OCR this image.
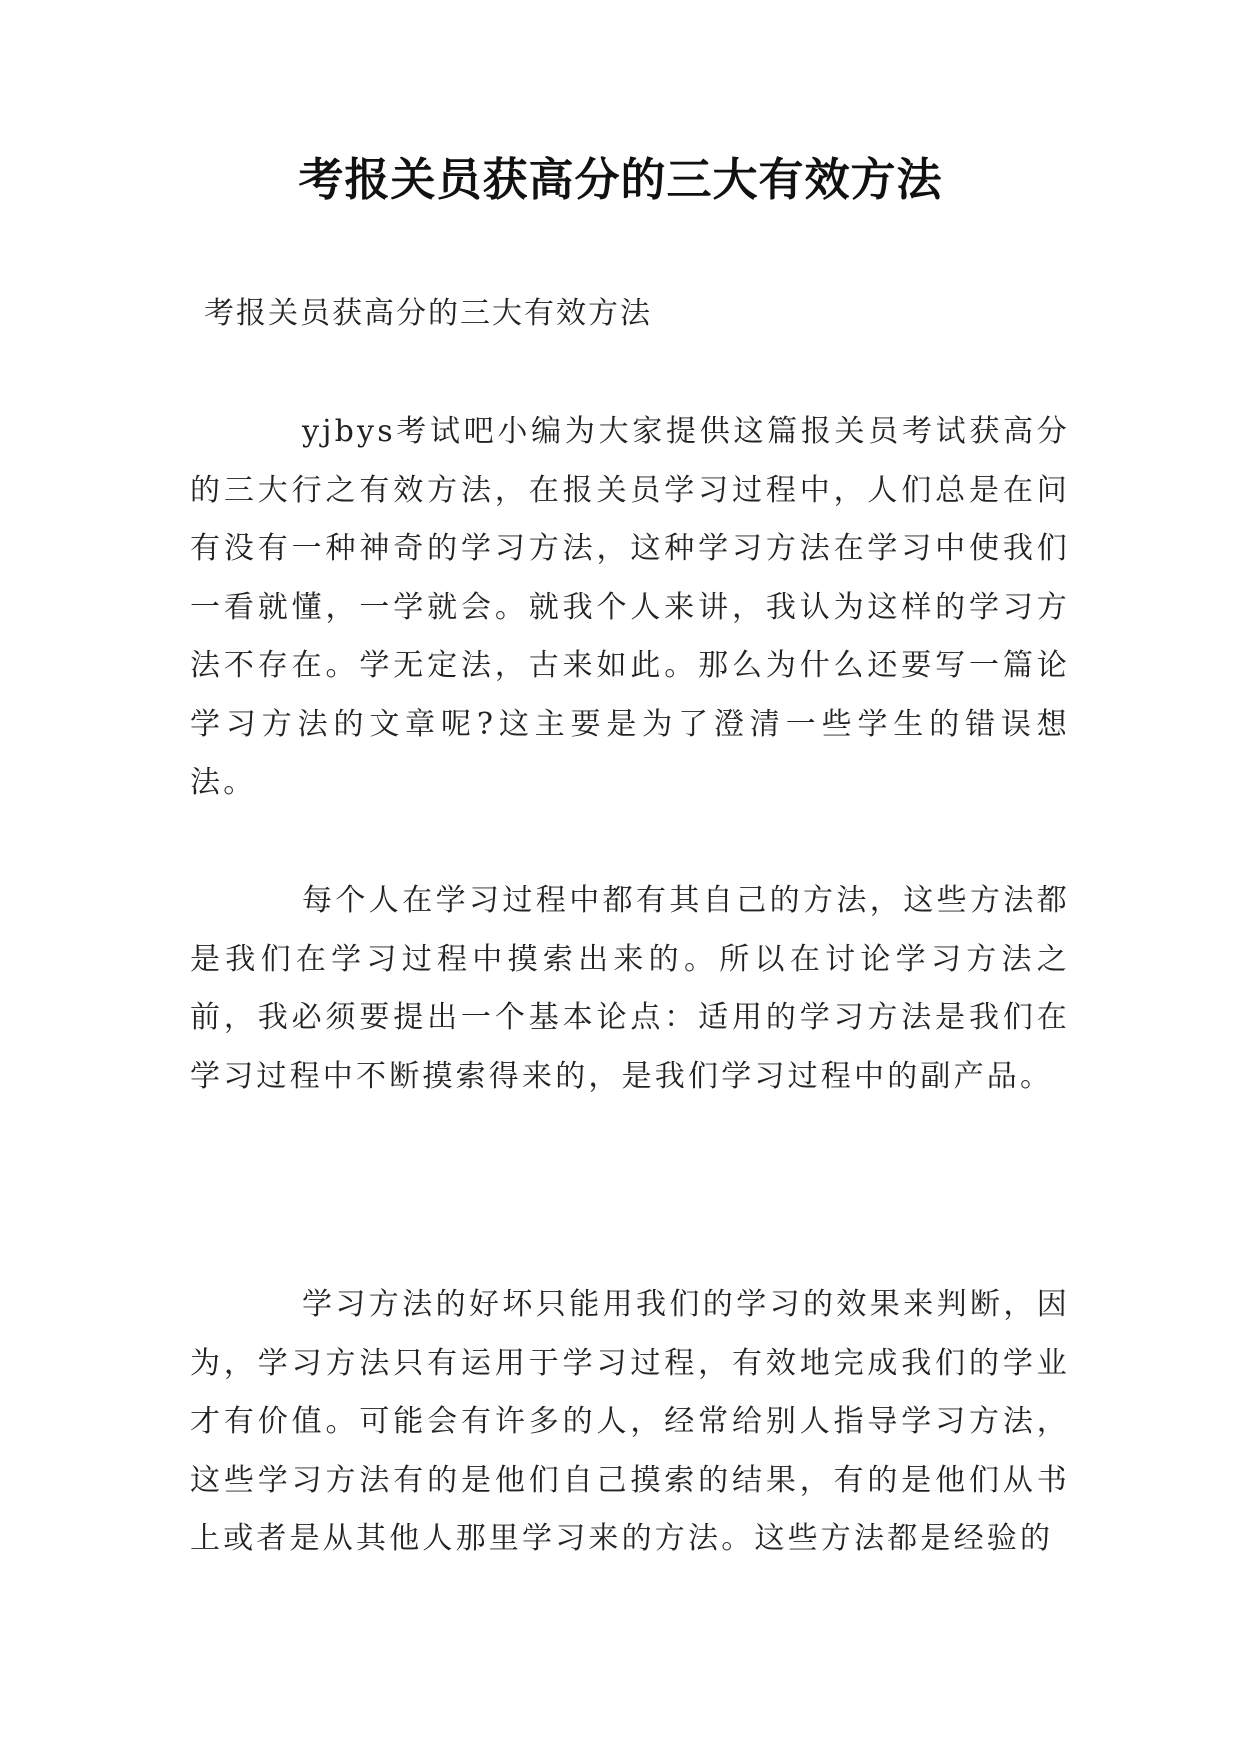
考报关员获高分的三大有效方法
考报关员获高分的三大有效方法

yjbys考试吧小编为大家提供这篇报关员考试获高分的三大行之有效方法，在报关员学习过程中，人们总是在问有没有一种神奇的学习方法，这种学习方法在学习中使我们一看就懂，一学就会。就我个人来讲，我认为这样的学习方法不存在。学无定法，古来如此。那么为什么还要写一篇论学习方法的文章呢?这主要是为了澄清一些学生的错误想法。

每个人在学习过程中都有其自己的方法，这些方法都是我们在学习过程中摸索出来的。所以在讨论学习方法之前，我必须要提出一个基本论点：适用的学习方法是我们在学习过程中不断摸索得来的，是我们学习过程中的副产品。

学习方法的好坏只能用我们的学习的效果来判断，因为，学习方法只有运用于学习过程，有效地完成我们的学业才有价值。可能会有许多的人，经常给别人指导学习方法，这些学习方法有的是他们自己摸索的结果，有的是他们从书上或者是从其他人那里学习来的方法。这些方法都是经验的
